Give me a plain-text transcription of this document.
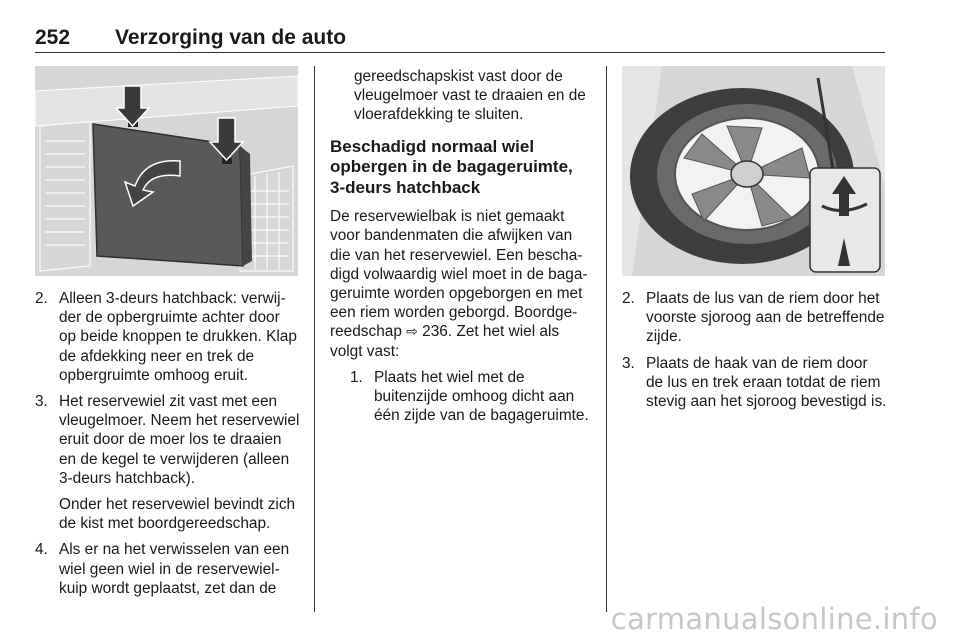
252 Verzorging van de auto
2. Alleen 3-deurs hatchback: verwijder de opbergruimte achter door op beide knoppen te drukken. Klap de afdekking neer en trek de opbergruimte omhoog eruit.
3. Het reservewiel zit vast met een vleugelmoer. Neem het reservewiel eruit door de moer los te draaien en de kegel te verwijderen (alleen 3-deurs hatchback).

Onder het reservewiel bevindt zich de kist met boordgereedschap.

4. Als er na het verwisselen van een wiel geen wiel in de reservewielkuip wordt geplaatst, zet dan de

gereedschapskist vast door de vleugelmoer vast te draaien en de vloerafdekking te sluiten.

Beschadigd normaal wiel opbergen in de bagageruimte, 3-deurs hatchback

De reservewielbak is niet gemaakt voor bandenmaten die afwijken van die van het reservewiel. Een beschadigd volwaardig wiel moet in de bagageruimte worden opgeborgen en met een riem worden geborgd. Boordgereedschap ⇨ 236. Zet het wiel als volgt vast:

1. Plaats het wiel met de buitenzijde omhoog dicht aan één zijde van de bagageruimte.
2. Plaats de lus van de riem door het voorste sjoroog aan de betreffende zijde.
3. Plaats de haak van de riem door de lus en trek eraan totdat de riem stevig aan het sjoroog bevestigd is.
carmanualsonline.info
